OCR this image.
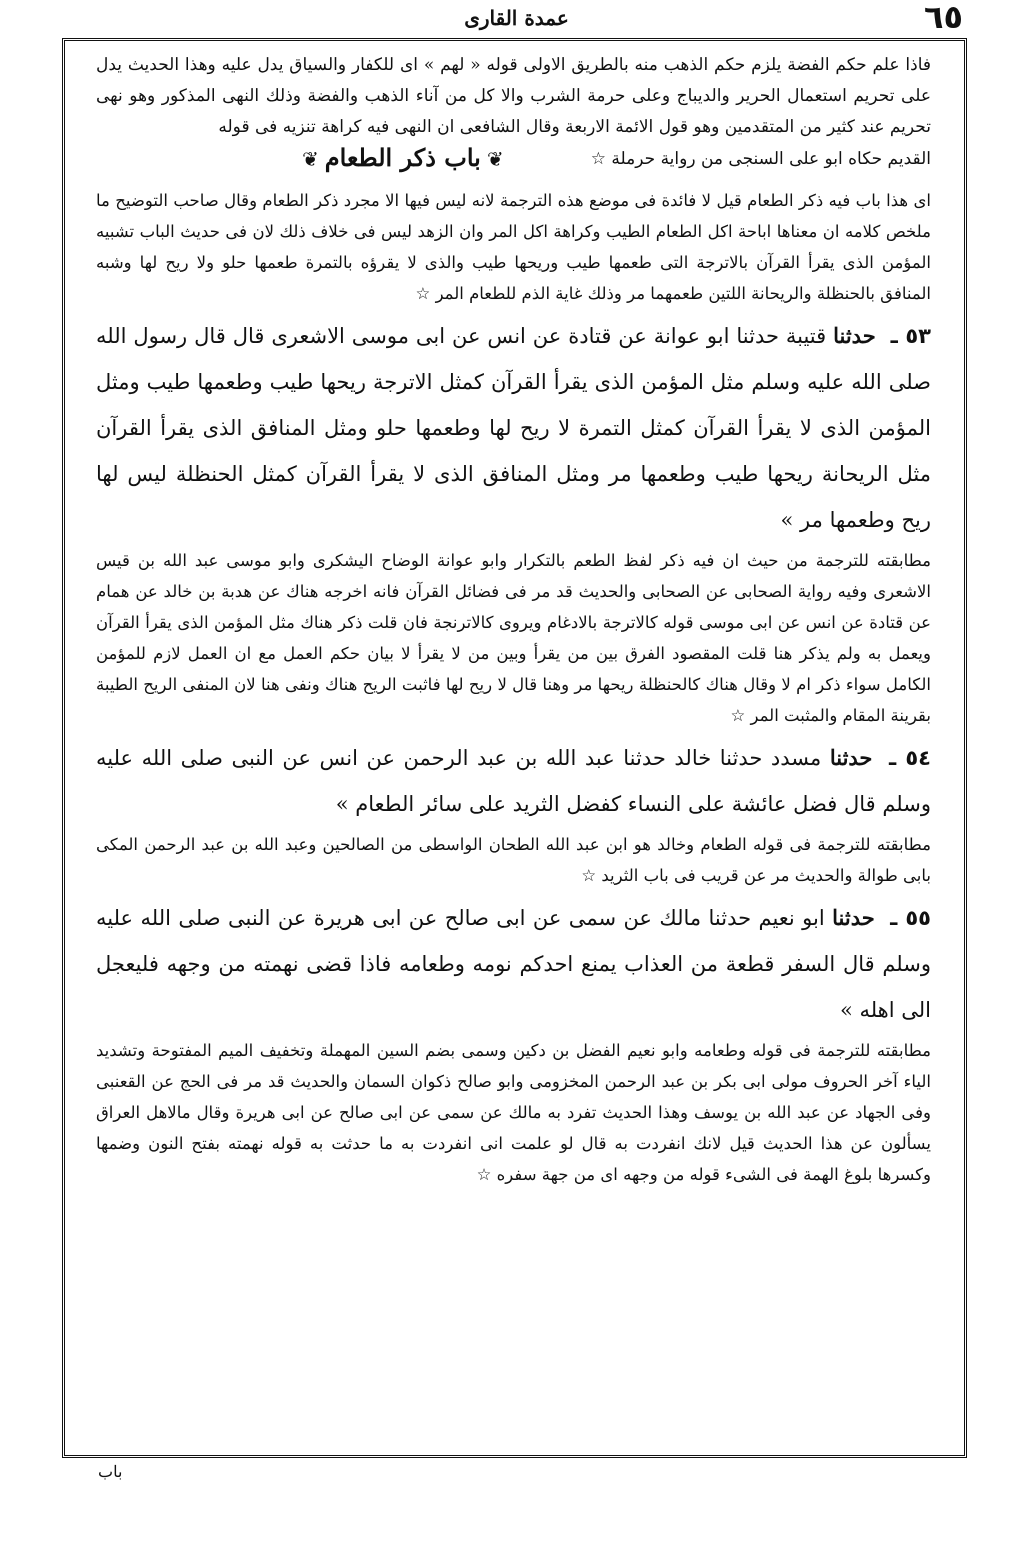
٦٥
عمدة القارى

فاذا علم حكم الفضة يلزم حكم الذهب منه بالطريق الاولى قوله « لهم » اى للكفار والسياق يدل عليه وهذا الحديث يدل على تحريم استعمال الحرير والديباج وعلى حرمة الشرب والا كل من آناء الذهب والفضة وذلك النهى المذكور وهو نهى تحريم عند كثير من المتقدمين وهو قول الائمة الاربعة وقال الشافعى ان النهى فيه كراهة تنزيه فى قوله

القديم حكاه ابو على السنجى من رواية حرملة ☆
❦باب ذكر الطعام❦

اى هذا باب فيه ذكر الطعام قيل لا فائدة فى موضع هذه الترجمة لانه ليس فيها الا مجرد ذكر الطعام وقال صاحب التوضيح ما ملخص كلامه ان معناها اباحة اكل الطعام الطيب وكراهة اكل المر وان الزهد ليس فى خلاف ذلك لان فى حديث الباب تشبيه المؤمن الذى يقرأ القرآن بالاترجة التى طعمها طيب وريحها طيب والذى لا يقرؤه بالتمرة طعمها حلو ولا ريح لها وشبه المنافق بالحنظلة والريحانة اللتين طعمهما مر وذلك غاية الذم للطعام المر ☆

٥٣ ـ حدثنا قتيبة حدثنا ابو عوانة عن قتادة عن انس عن ابى موسى الاشعرى قال قال رسول الله صلى الله عليه وسلم مثل المؤمن الذى يقرأ القرآن كمثل الاترجة ريحها طيب وطعمها طيب ومثل المؤمن الذى لا يقرأ القرآن كمثل التمرة لا ريح لها وطعمها حلو ومثل المنافق الذى يقرأ القرآن مثل الريحانة ريحها طيب وطعمها مر ومثل المنافق الذى لا يقرأ القرآن كمثل الحنظلة ليس لها ريح وطعمها مر »

مطابقته للترجمة من حيث ان فيه ذكر لفظ الطعم بالتكرار وابو عوانة الوضاح اليشكرى وابو موسى عبد الله بن قيس الاشعرى وفيه رواية الصحابى عن الصحابى والحديث قد مر فى فضائل القرآن فانه اخرجه هناك عن هدبة بن خالد عن همام عن قتادة عن انس عن ابى موسى قوله كالاترجة بالادغام ويروى كالاترنجة فان قلت ذكر هناك مثل المؤمن الذى يقرأ القرآن ويعمل به ولم يذكر هنا قلت المقصود الفرق بين من يقرأ وبين من لا يقرأ لا بيان حكم العمل مع ان العمل لازم للمؤمن الكامل سواء ذكر ام لا وقال هناك كالحنظلة ريحها مر وهنا قال لا ريح لها فاثبت الريح هناك ونفى هنا لان المنفى الريح الطيبة بقرينة المقام والمثبت المر ☆

٥٤ ـ حدثنا مسدد حدثنا خالد حدثنا عبد الله بن عبد الرحمن عن انس عن النبى صلى الله عليه وسلم قال فضل عائشة على النساء كفضل الثريد على سائر الطعام »

مطابقته للترجمة فى قوله الطعام وخالد هو ابن عبد الله الطحان الواسطى من الصالحين وعبد الله بن عبد الرحمن المكى بابى طوالة والحديث مر عن قريب فى باب الثريد ☆

٥٥ ـ حدثنا ابو نعيم حدثنا مالك عن سمى عن ابى صالح عن ابى هريرة عن النبى صلى الله عليه وسلم قال السفر قطعة من العذاب يمنع احدكم نومه وطعامه فاذا قضى نهمته من وجهه فليعجل الى اهله »

مطابقته للترجمة فى قوله وطعامه وابو نعيم الفضل بن دكين وسمى بضم السين المهملة وتخفيف الميم المفتوحة وتشديد الياء آخر الحروف مولى ابى بكر بن عبد الرحمن المخزومى وابو صالح ذكوان السمان والحديث قد مر فى الحج عن القعنبى وفى الجهاد عن عبد الله بن يوسف وهذا الحديث تفرد به مالك عن سمى عن ابى صالح عن ابى هريرة وقال مالاهل العراق يسألون عن هذا الحديث قيل لانك انفردت به قال لو علمت انى انفردت به ما حدثت به قوله نهمته بفتح النون وضمها وكسرها بلوغ الهمة فى الشىء قوله من وجهه اى من جهة سفره ☆

باب
